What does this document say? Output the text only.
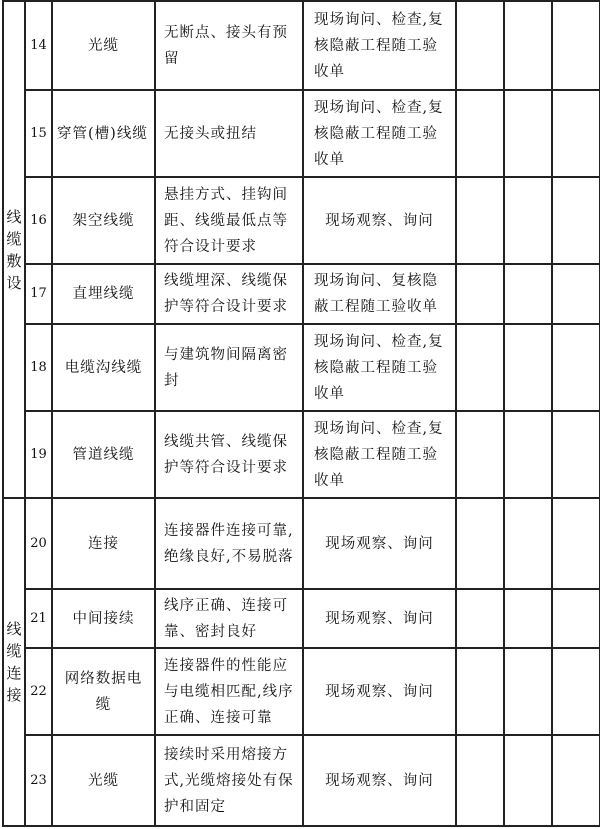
线缆敷设	14	光缆	无断点、接头有预留	现场询问、检查,复核隐蔽工程随工验收单			
	15	穿管(槽)线缆	无接头或扭结	现场询问、检查,复核隐蔽工程随工验收单			
	16	架空线缆	悬挂方式、挂钩间距、线缆最低点等符合设计要求	现场观察、询问			
	17	直埋线缆	线缆埋深、线缆保护等符合设计要求	现场询问、复核隐蔽工程随工验收单			
	18	电缆沟线缆	与建筑物间隔离密封	现场询问、检查,复核隐蔽工程随工验收单			
	19	管道线缆	线缆共管、线缆保护等符合设计要求	现场询问、检查,复核隐蔽工程随工验收单			

线缆连接	20	连接	连接器件连接可靠,绝缘良好,不易脱落	现场观察、询问			
	21	中间接续	线序正确、连接可靠、密封良好	现场观察、询问			
	22	网络数据电缆	连接器件的性能应与电缆相匹配,线序正确、连接可靠	现场观察、询问			
	23	光缆	接续时采用熔接方式,光缆熔接处有保护和固定	现场观察、询问			
